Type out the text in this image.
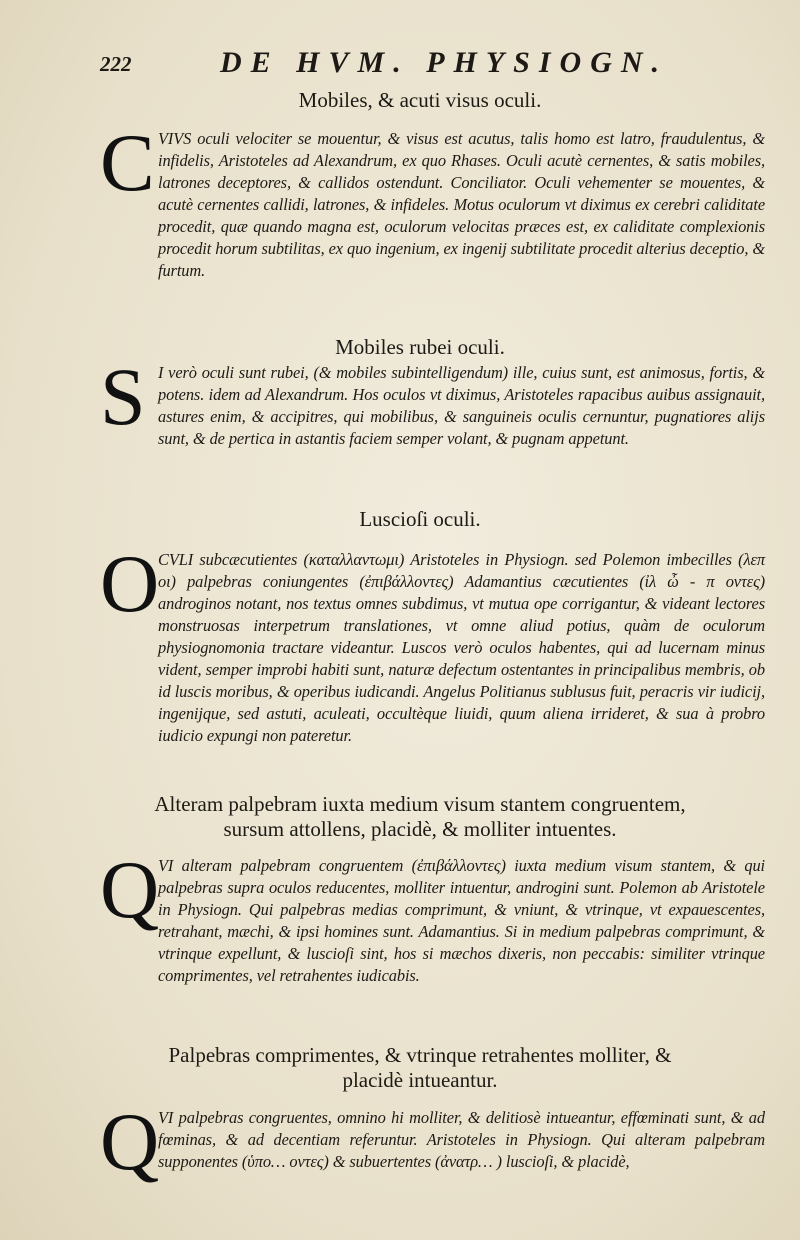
222	DE HVM. PHYSIOGN.
Mobiles, & acuti visus oculi.
C VIVS oculi velociter se mouentur, & visus est acutus, talis homo est latro, fraudulentus, & infidelis, Aristoteles ad Alexandrum, ex quo Rhases. Oculi acutè cernentes, & satis mobiles, latrones deceptores, & callidos ostendunt. Conciliator. Oculi vehementer se mouentes, & acutè cernentes callidi, latrones, & infideles. Motus oculorum vt diximus ex cerebri caliditate procedit, quæ quando magna est, oculorum velocitas præces est, ex caliditate complexionis procedit horum subtilitas, ex quo ingenium, ex ingenij subtilitate procedit alterius deceptio, & furtum.
Mobiles rubei oculi.
S I verò oculi sunt rubei, (& mobiles subintelligendum) ille, cuius sunt, est animosus, fortis, & potens. idem ad Alexandrum. Hos oculos vt diximus, Aristoteles rapacibus auibus assignauit, astures enim, & accipitres, qui mobilibus, & sanguineis oculis cernuntur, pugnatiores alijs sunt, & de pertica in astantis faciem semper volant, & pugnam appetunt.
Luscioſi oculi.
O
CVLI subcæcutientes (καταλλαντωμι) Aristoteles in Physiogn. sed Polemon imbecilles (λεπ οι) palpebras coniungentes (ἐπιβάλλοντες) Adamantius cæcutientes (ἰλ ὦ - π οντες) androginos notant, nos textus omnes subdimus, vt mutua ope corrigantur, & videant lectores monstruosas interpetrum translationes, vt omne aliud potius, quàm de oculorum physiognomonia tractare videantur. Luscos verò oculos habentes, qui ad lucernam minus vident, semper improbi habiti sunt, naturæ defectum ostentantes in principalibus membris, ob id luscis moribus, & operibus iudicandi. Angelus Politianus sublusus fuit, peracris vir iudicij, ingenijque, sed astuti, aculeati, occultèque liuidi, quum aliena irrideret, & sua à probro iudicio expungi non pateretur.
Alteram palpebram iuxta medium visum stantem congruentem, sursum attollens, placidè, & molliter intuentes.
Q
VI alteram palpebram congruentem (ἐπιβάλλοντες) iuxta medium visum stantem, & qui palpebras supra oculos reducentes, molliter intuentur, androgini sunt. Polemon ab Aristotele in Physiogn. Qui palpebras medias comprimunt, & vniunt, & vtrinque, vt expauescentes, retrahant, mæchi, & ipsi homines sunt. Adamantius. Si in medium palpebras comprimunt, & vtrinque expellunt, & luscioſi sint, hos si mæchos dixeris, non peccabis: similiter vtrinque comprimentes, vel retrahentes iudicabis.
Palpebras comprimentes, & vtrinque retrahentes molliter, & placidè intueantur.
Q
VI palpebras congruentes, omnino hi molliter, & delitiosè intueantur, effœminati sunt, & ad fœminas, & ad decentiam referuntur. Aristoteles in Physiogn. Qui alteram palpebram supponentes (ὑπο… οντες) & subuertentes (ἀνατρ… ) luscioſi, & placidè,
